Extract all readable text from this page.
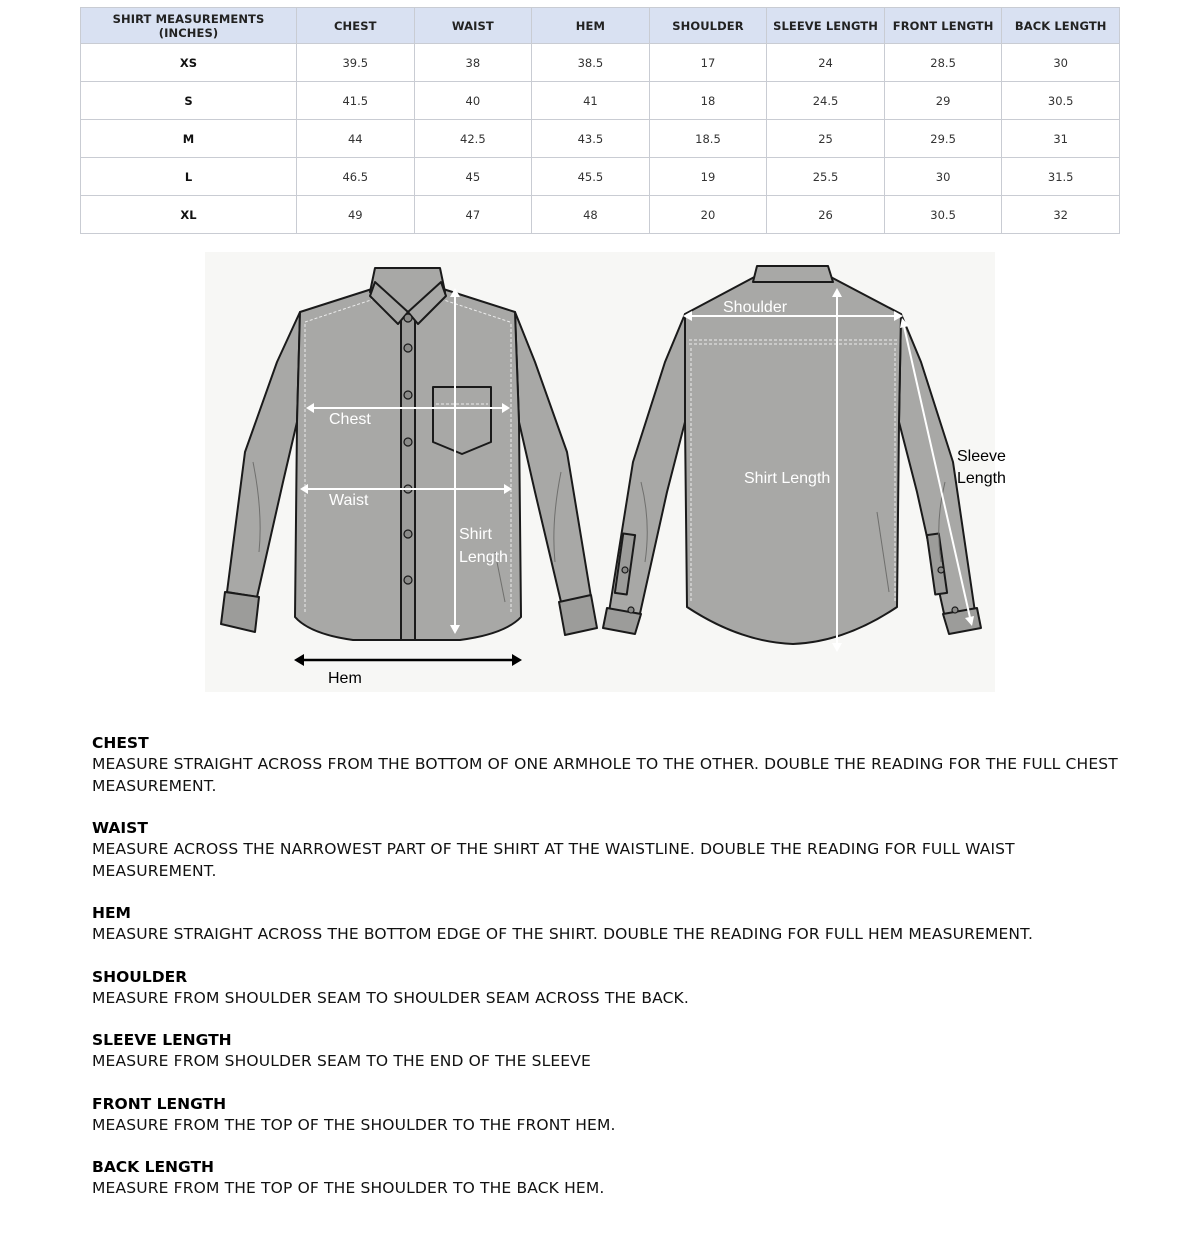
SHIRT MEASUREMENTS (INCHES)	CHEST	WAIST	HEM	SHOULDER	SLEEVE LENGTH	FRONT LENGTH	BACK LENGTH
XS	39.5	38	38.5	17	24	28.5	30
S	41.5	40	41	18	24.5	29	30.5
M	44	42.5	43.5	18.5	25	29.5	31
L	46.5	45	45.5	19	25.5	30	31.5
XL	49	47	48	20	26	30.5	32
Chest
Waist
Shirt
Length
Hem
Shoulder
Shirt Length
Sleeve
Length
CHEST
MEASURE STRAIGHT ACROSS FROM THE BOTTOM OF ONE ARMHOLE TO THE OTHER. DOUBLE THE READING FOR THE FULL CHEST MEASUREMENT.
WAIST
MEASURE ACROSS THE NARROWEST PART OF THE SHIRT AT THE WAISTLINE. DOUBLE THE READING FOR FULL WAIST MEASUREMENT.
HEM
MEASURE STRAIGHT ACROSS THE BOTTOM EDGE OF THE SHIRT. DOUBLE THE READING FOR FULL HEM MEASUREMENT.
SHOULDER
MEASURE FROM SHOULDER SEAM TO SHOULDER SEAM ACROSS THE BACK.
SLEEVE LENGTH
MEASURE FROM SHOULDER SEAM TO THE END OF THE SLEEVE
FRONT LENGTH
MEASURE FROM THE TOP OF THE SHOULDER TO THE FRONT HEM.
BACK LENGTH
MEASURE FROM THE TOP OF THE SHOULDER TO THE BACK HEM.
